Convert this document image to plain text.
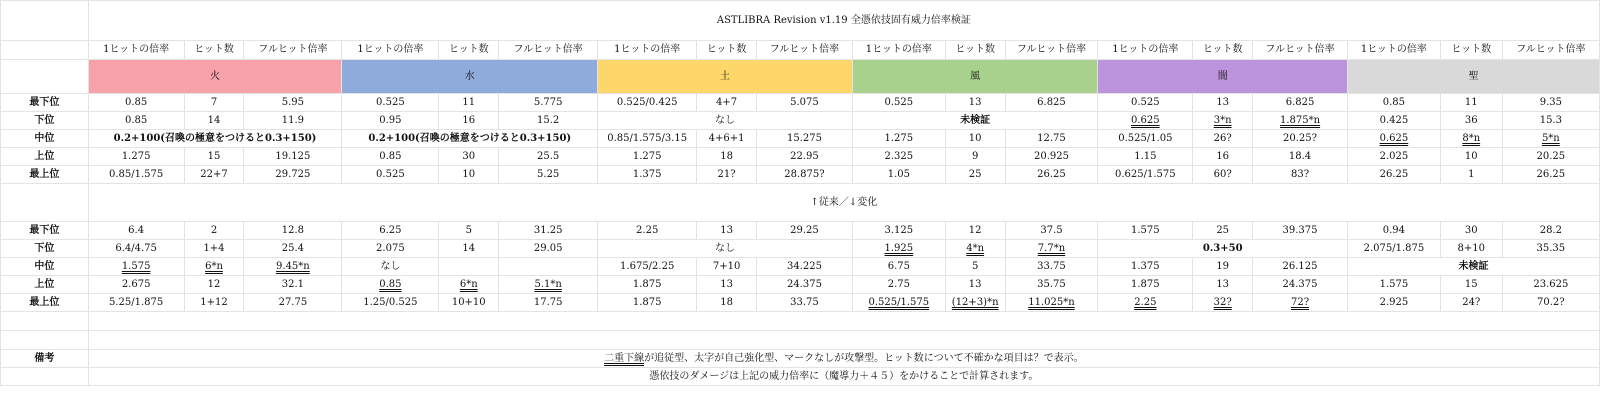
	ASTLIBRA Revision v1.19 全憑依技固有威力倍率検証																	
	1ヒットの倍率	ヒット数	フルヒット倍率	1ヒットの倍率	ヒット数	フルヒット倍率	1ヒットの倍率	ヒット数	フルヒット倍率	1ヒットの倍率	ヒット数	フルヒット倍率	1ヒットの倍率	ヒット数	フルヒット倍率	1ヒットの倍率	ヒット数	フルヒット倍率
	火			水			土			風			闇			聖		
最下位	0.85	7	5.95	0.525	11	5.775	0.525/0.425	4+7	5.075	0.525	13	6.825	0.525	13	6.825	0.85	11	9.35
下位	0.85	14	11.9	0.95	16	15.2	なし			未検証			0.625	3*n	1.875*n	0.425	36	15.3
中位	0.2+100(召喚の極意をつけると0.3+150)			0.2+100(召喚の極意をつけると0.3+150)			0.85/1.575/3.15	4+6+1	15.275	1.275	10	12.75	0.525/1.05	26?	20.25?	0.625	8*n	5*n
上位	1.275	15	19.125	0.85	30	25.5	1.275	18	22.95	2.325	9	20.925	1.15	16	18.4	2.025	10	20.25
最上位	0.85/1.575	22+7	29.725	0.525	10	5.25	1.375	21?	28.875?	1.05	25	26.25	0.625/1.575	60?	83?	26.25	1	26.25
	↑従来／↓変化																	
最下位	6.4	2	12.8	6.25	5	31.25	2.25	13	29.25	3.125	12	37.5	1.575	25	39.375	0.94	30	28.2
下位	6.4/4.75	1+4	25.4	2.075	14	29.05	なし			1.925	4*n	7.7*n	0.3+50			2.075/1.875	8+10	35.35
中位	1.575	6*n	9.45*n	なし			1.675/2.25	7+10	34.225	6.75	5	33.75	1.375	19	26.125	未検証		
上位	2.675	12	32.1	0.85	6*n	5.1*n	1.875	13	24.375	2.75	13	35.75	1.875	13	24.375	1.575	15	23.625
最上位	5.25/1.875	1+12	27.75	1.25/0.525	10+10	17.75	1.875	18	33.75	0.525/1.575	(12+3)*n	11.025*n	2.25	32?	72?	2.925	24?	70.2?

備考	二重下線が追従型、太字が自己強化型、マークなしが攻撃型。ヒット数について不確かな項目は？で表示。																	
	憑依技のダメージは上記の威力倍率に（魔導力＋４５）をかけることで計算されます。																	
